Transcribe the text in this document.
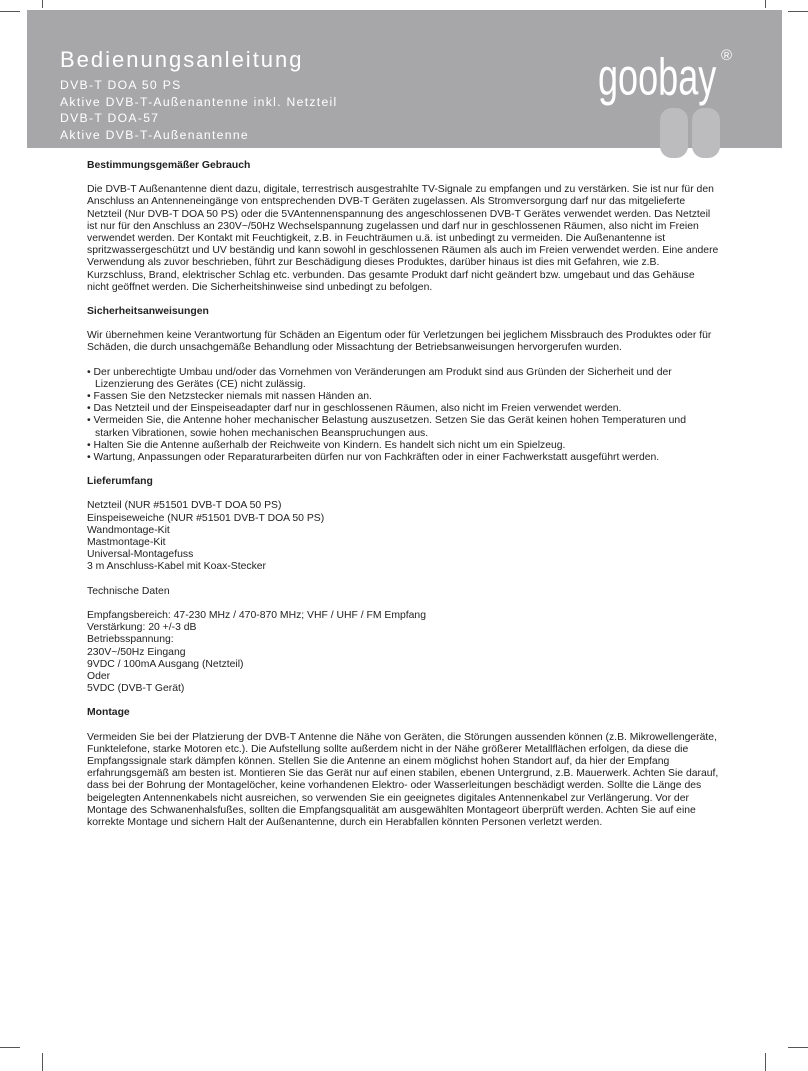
Bedienungsanleitung
DVB-T DOA 50 PS
Aktive DVB-T-Außenantenne inkl. Netzteil
DVB-T DOA-57
Aktive DVB-T-Außenantenne
goobay ®
Bestimmungsgemäßer Gebrauch

Die DVB-T Außenantenne dient dazu, digitale, terrestrisch ausgestrahlte TV-Signale zu empfangen und zu verstärken. Sie ist nur für den Anschluss an Antenneneingänge von entsprechenden DVB-T Geräten zugelassen. Als Stromversorgung darf nur das mitgelieferte Netzteil (Nur DVB-T DOA 50 PS) oder die 5VAntennenspannung des angeschlossenen DVB-T Gerätes verwendet werden. Das Netzteil ist nur für den Anschluss an 230V~/50Hz Wechselspannung zugelassen und darf nur in geschlossenen Räumen, also nicht im Freien verwendet werden. Der Kontakt mit Feuchtigkeit, z.B. in Feuchträumen u.ä. ist unbedingt zu vermeiden. Die Außenantenne ist spritzwassergeschützt und UV beständig und kann sowohl in geschlossenen Räumen als auch im Freien verwendet werden. Eine andere Verwendung als zuvor beschrieben, führt zur Beschädigung dieses Produktes, darüber hinaus ist dies mit Gefahren, wie z.B. Kurzschluss, Brand, elektrischer Schlag etc. verbunden. Das gesamte Produkt darf nicht geändert bzw. umgebaut und das Gehäuse nicht geöffnet werden. Die Sicherheitshinweise sind unbedingt zu befolgen.

Sicherheitsanweisungen

Wir übernehmen keine Verantwortung für Schäden an Eigentum oder für Verletzungen bei jeglichem Missbrauch des Produktes oder für Schäden, die durch unsachgemäße Behandlung oder Missachtung der Betriebsanweisungen hervorgerufen wurden.

• Der unberechtigte Umbau und/oder das Vornehmen von Veränderungen am Produkt sind aus Gründen der Sicherheit und der Lizenzierung des Gerätes (CE) nicht zulässig.
• Fassen Sie den Netzstecker niemals mit nassen Händen an.
• Das Netzteil und der Einspeiseadapter darf nur in geschlossenen Räumen, also nicht im Freien verwendet werden.
• Vermeiden Sie, die Antenne hoher mechanischer Belastung auszusetzen. Setzen Sie das Gerät keinen hohen Temperaturen und starken Vibrationen, sowie hohen mechanischen Beanspruchungen aus.
• Halten Sie die Antenne außerhalb der Reichweite von Kindern. Es handelt sich nicht um ein Spielzeug.
• Wartung, Anpassungen oder Reparaturarbeiten dürfen nur von Fachkräften oder in einer Fachwerkstatt ausgeführt werden.
Lieferumfang
Netzteil (NUR #51501 DVB-T DOA 50 PS)
Einspeiseweiche (NUR #51501 DVB-T DOA 50 PS)
Wandmontage-Kit
Mastmontage-Kit
Universal-Montagefuss
3 m Anschluss-Kabel mit Koax-Stecker

Technische Daten

Empfangsbereich: 47-230 MHz / 470-870 MHz; VHF / UHF / FM Empfang
Verstärkung: 20 +/-3 dB
Betriebsspannung:
230V~/50Hz Eingang
9VDC / 100mA Ausgang (Netzteil)
Oder
5VDC (DVB-T Gerät)
Montage

Vermeiden Sie bei der Platzierung der DVB-T Antenne die Nähe von Geräten, die Störungen aussenden können (z.B. Mikrowellengeräte, Funktelefone, starke Motoren etc.). Die Aufstellung sollte außerdem nicht in der Nähe größerer Metallflächen erfolgen, da diese die Empfangssignale stark dämpfen können. Stellen Sie die Antenne an einem möglichst hohen Standort auf, da hier der Empfang erfahrungsgemäß am besten ist. Montieren Sie das Gerät nur auf einen stabilen, ebenen Untergrund, z.B. Mauerwerk. Achten Sie darauf, dass bei der Bohrung der Montagelöcher, keine vorhandenen Elektro- oder Wasserleitungen beschädigt werden. Sollte die Länge des beigelegten Antennenkabels nicht ausreichen, so verwenden Sie ein geeignetes digitales Antennenkabel zur Verlängerung. Vor der Montage des Schwanenhalsfußes, sollten die Empfangsqualität am ausgewählten Montageort überprüft werden. Achten Sie auf eine korrekte Montage und sichern Halt der Außenantenne, durch ein Herabfallen könnten Personen verletzt werden.
